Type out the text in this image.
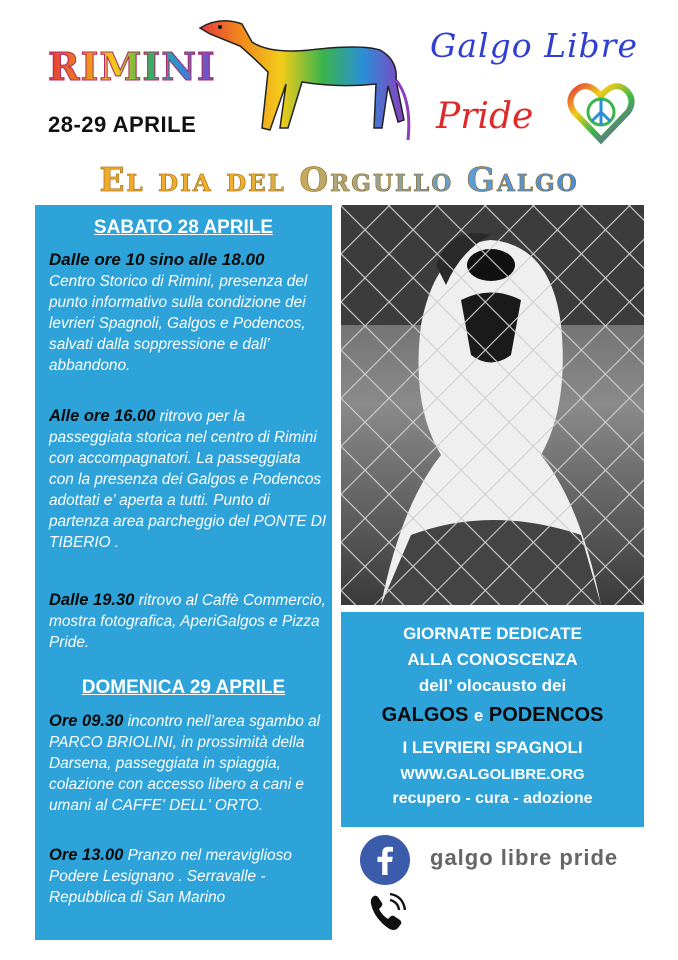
RIMINI
28-29 APRILE
Galgo Libre
Pride
El dia del Orgullo Galgo
SABATO 28 APRILE
Dalle ore 10 sino alle 18.00
Centro Storico di Rimini, presenza del punto informativo sulla condizione dei levrieri Spagnoli, Galgos e Podencos, salvati dalla soppressione e dall’ abbandono.
Alle ore 16.00 ritrovo per la passeggiata storica nel centro di Rimini con accompagnatori. La passeggiata con la presenza dei Galgos e Podencos adottati e’ aperta a tutti. Punto di partenza area parcheggio del PONTE DI TIBERIO .
Dalle 19.30 ritrovo al Caffè Commercio, mostra fotografica, AperiGalgos e Pizza Pride.
DOMENICA 29 APRILE
Ore 09.30 incontro nell’area sgambo al PARCO BRIOLINI, in prossimità della Darsena, passeggiata in spiaggia, colazione con accesso libero a cani e umani al CAFFE' DELL' ORTO.
Ore 13.00 Pranzo nel meraviglioso Podere Lesignano . Serravalle - Repubblica di San Marino
GIORNATE DEDICATE
ALLA CONOSCENZA
dell’ olocausto dei
GALGOS e PODENCOS
I LEVRIERI SPAGNOLI
WWW.GALGOLIBRE.ORG
recupero - cura - adozione
galgo libre pride
